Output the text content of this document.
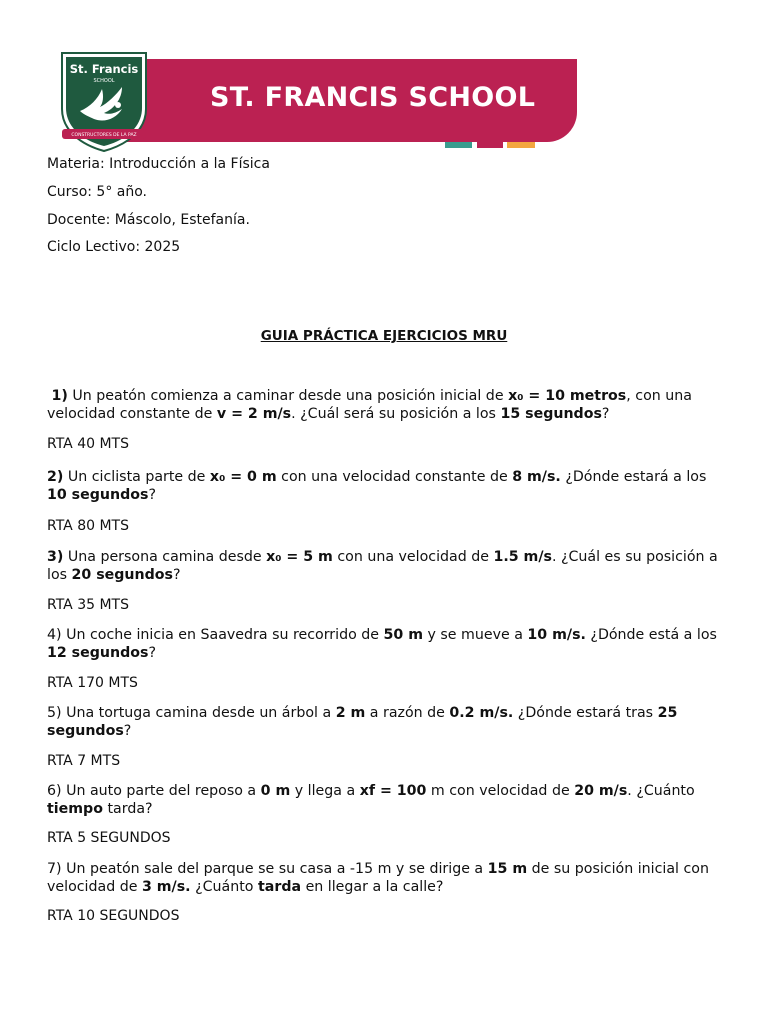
ST. FRANCIS SCHOOL
St. Francis
SCHOOL
CONSTRUCTORES DE LA PAZ
Materia: Introducción a la Física
Curso: 5° año.
Docente: Máscolo, Estefanía.
Ciclo Lectivo: 2025
GUIA PRÁCTICA EJERCICIOS MRU
1) Un peatón comienza a caminar desde una posición inicial de x₀ = 10 metros, con una velocidad constante de v = 2 m/s. ¿Cuál será su posición a los 15 segundos?
RTA 40 MTS
2) Un ciclista parte de x₀ = 0 m con una velocidad constante de 8 m/s. ¿Dónde estará a los 10 segundos?
RTA 80 MTS
3) Una persona camina desde x₀ = 5 m con una velocidad de 1.5 m/s. ¿Cuál es su posición a los 20 segundos?
RTA 35 MTS
4) Un coche inicia en Saavedra su recorrido de 50 m y se mueve a 10 m/s. ¿Dónde está a los 12 segundos?
RTA 170 MTS
5) Una tortuga camina desde un árbol a 2 m a razón de 0.2 m/s. ¿Dónde estará tras 25 segundos?
RTA 7 MTS
6) Un auto parte del reposo a 0 m y llega a xf = 100 m con velocidad de 20 m/s. ¿Cuánto tiempo tarda?
RTA 5 SEGUNDOS
7) Un peatón sale del parque se su casa a -15 m y se dirige a 15 m de su posición inicial con velocidad de 3 m/s. ¿Cuánto tarda en llegar a la calle?
RTA 10 SEGUNDOS
